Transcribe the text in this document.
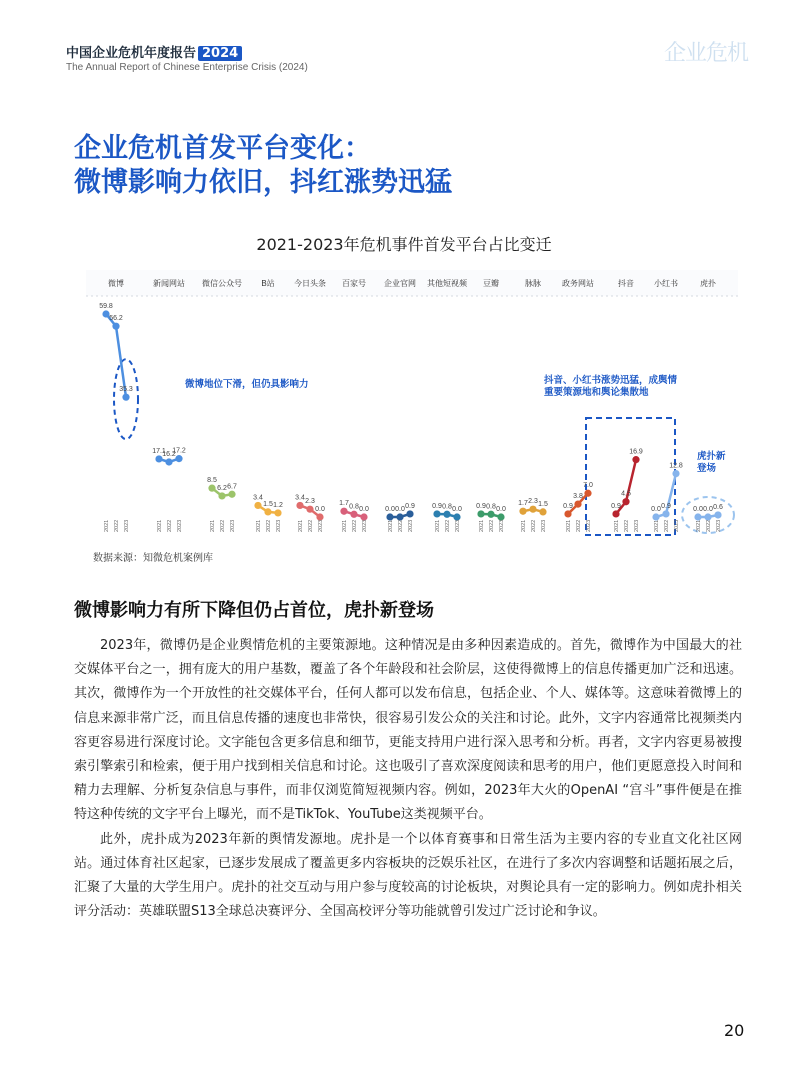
中国企业危机年度报告 2024
The Annual Report of Chinese Enterprise Crisis (2024)
企业危机
企业危机首发平台变化：
微博影响力依旧，抖红涨势迅猛
2021-2023年危机事件首发平台占比变迁
微博
59.8
2021
56.2
2022
35.3
2023
新闻网站
17.1
2021
16.2
2022
17.2
2023
微信公众号
8.5
2021
6.2
2022
6.7
2023
B站
3.4
2021
1.5
2022
1.2
2023
今日头条
3.4
2021
2.3
2022
0.0
2023
百家号
1.7
2021
0.8
2022
0.0
2023
企业官网
0.0
2021
0.0
2022
0.9
2023
其他短视频
0.9
2021
0.8
2022
0.0
2023
豆瓣
0.9
2021
0.8
2022
0.0
2023
脉脉
1.7
2021
2.3
2022
1.5
2023
政务网站
0.9
2021
3.8
2022
7.0
2023
抖音
0.9
2021
4.5
2022
16.9
2023
小红书
0.0
2021
0.9
2022
12.8
2023
虎扑
0.0
2021
0.0
2022
0.6
2023
微博地位下滑，但仍具影响力	抖音、小红书涨势迅猛，成舆情
重要策源地和舆论集散地
虎扑新
登场
数据来源：知微危机案例库
微博影响力有所下降但仍占首位，虎扑新登场

2023年，微博仍是企业舆情危机的主要策源地。这种情况是由多种因素造成的。首先，微博作为中国最大的社交媒体平台之一，拥有庞大的用户基数，覆盖了各个年龄段和社会阶层，这使得微博上的信息传播更加广泛和迅速。其次，微博作为一个开放性的社交媒体平台，任何人都可以发布信息，包括企业、个人、媒体等。这意味着微博上的信息来源非常广泛，而且信息传播的速度也非常快，很容易引发公众的关注和讨论。此外，文字内容通常比视频类内容更容易进行深度讨论。文字能包含更多信息和细节，更能支持用户进行深入思考和分析。再者，文字内容更易被搜索引擎索引和检索，便于用户找到相关信息和讨论。这也吸引了喜欢深度阅读和思考的用户，他们更愿意投入时间和精力去理解、分析复杂信息与事件，而非仅浏览简短视频内容。例如，2023年大火的OpenAI “宫斗”事件便是在推特这种传统的文字平台上曝光，而不是TikTok、YouTube这类视频平台。

此外，虎扑成为2023年新的舆情发源地。虎扑是一个以体育赛事和日常生活为主要内容的专业直文化社区网站。通过体育社区起家，已逐步发展成了覆盖更多内容板块的泛娱乐社区，在进行了多次内容调整和话题拓展之后，汇聚了大量的大学生用户。虎扑的社交互动与用户参与度较高的讨论板块，对舆论具有一定的影响力。例如虎扑相关评分活动：英雄联盟S13全球总决赛评分、全国高校评分等功能就曾引发过广泛讨论和争议。

20
